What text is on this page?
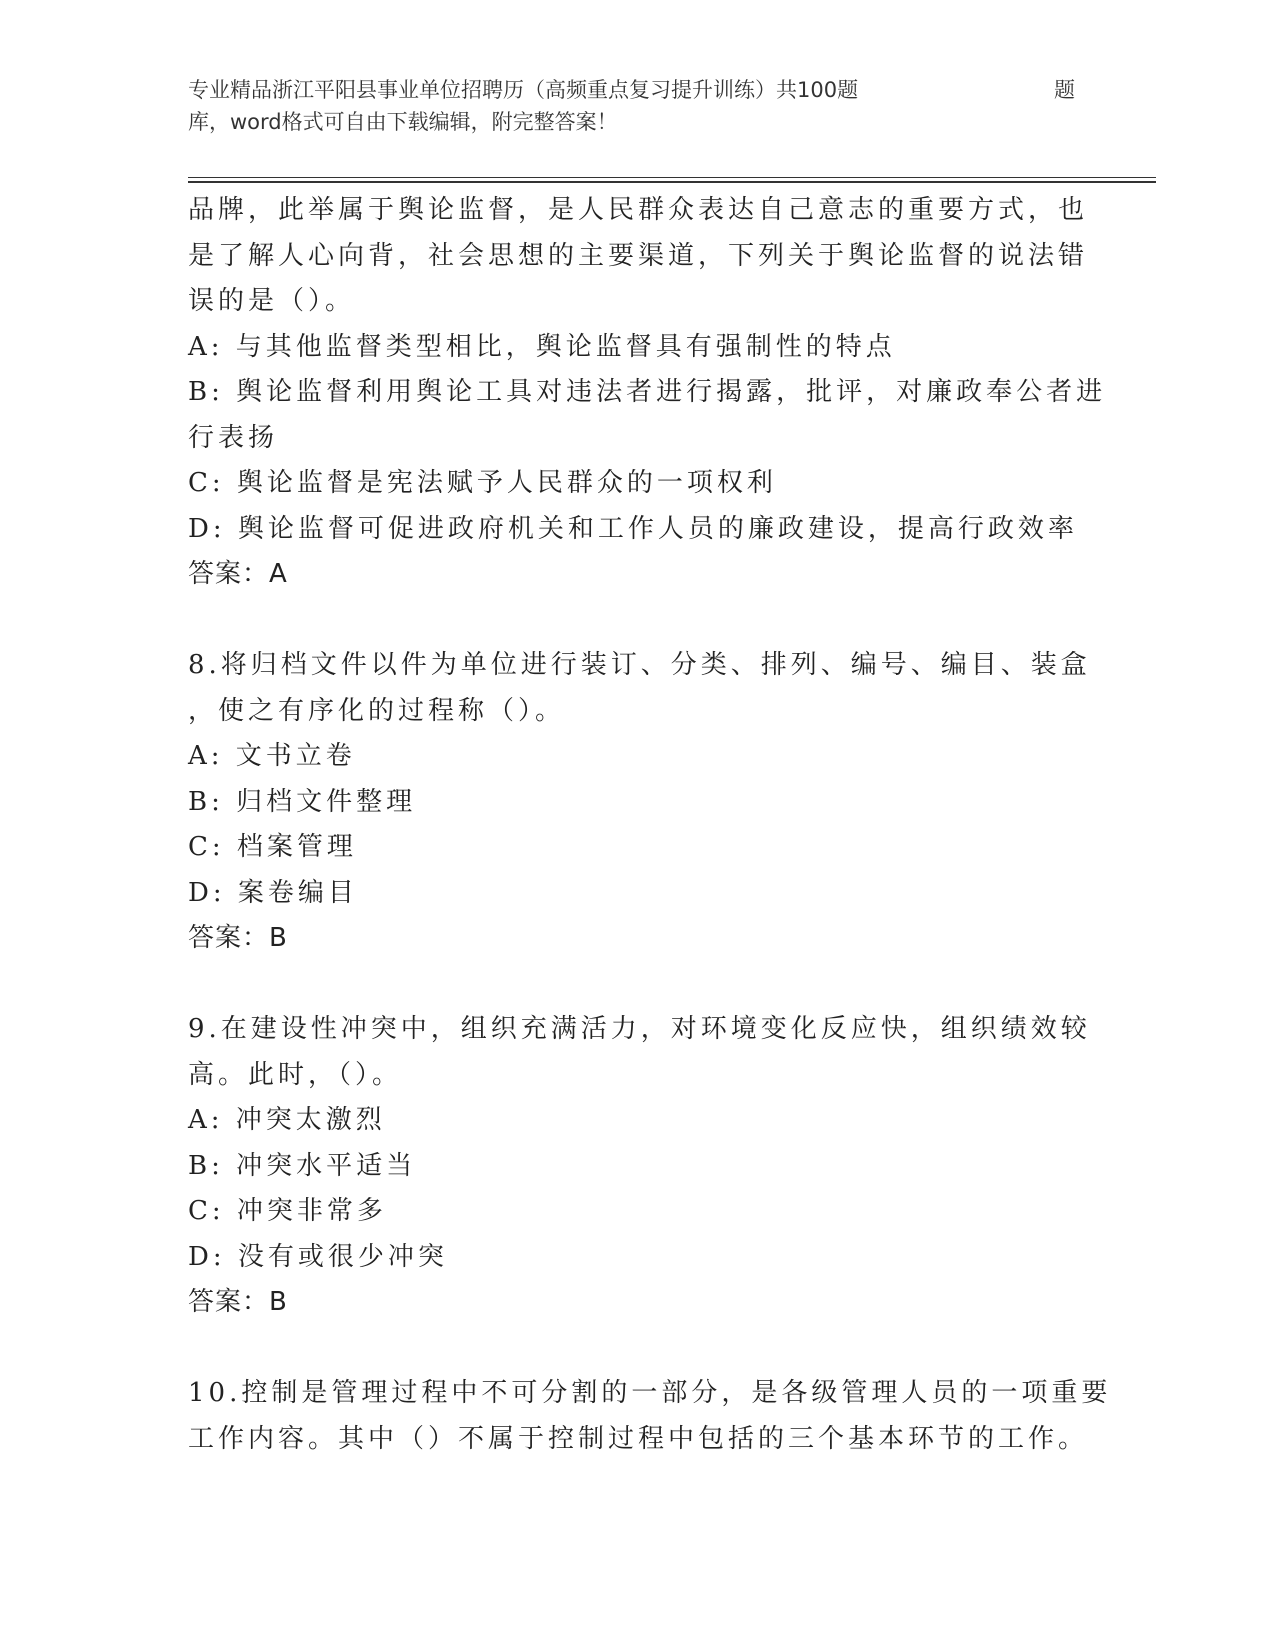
专业精品浙江平阳县事业单位招聘历（高频重点复习提升训练）共100题	题
库，word格式可自由下载编辑，附完整答案！
品牌，此举属于舆论监督，是人民群众表达自己意志的重要方式，也
是了解人心向背，社会思想的主要渠道，下列关于舆论监督的说法错
误的是（）。
A: 与其他监督类型相比，舆论监督具有强制性的特点
B: 舆论监督利用舆论工具对违法者进行揭露，批评，对廉政奉公者进
行表扬
C: 舆论监督是宪法赋予人民群众的一项权利
D: 舆论监督可促进政府机关和工作人员的廉政建设，提高行政效率
答案：A
8.将归档文件以件为单位进行装订、分类、排列、编号、编目、装盒
，使之有序化的过程称（）。
A: 文书立卷
B: 归档文件整理
C: 档案管理
D: 案卷编目
答案：B
9.在建设性冲突中，组织充满活力，对环境变化反应快，组织绩效较
高。此时，（）。
A: 冲突太激烈
B: 冲突水平适当
C: 冲突非常多
D: 没有或很少冲突
答案：B
10.控制是管理过程中不可分割的一部分，是各级管理人员的一项重要
工作内容。其中（）不属于控制过程中包括的三个基本环节的工作。
